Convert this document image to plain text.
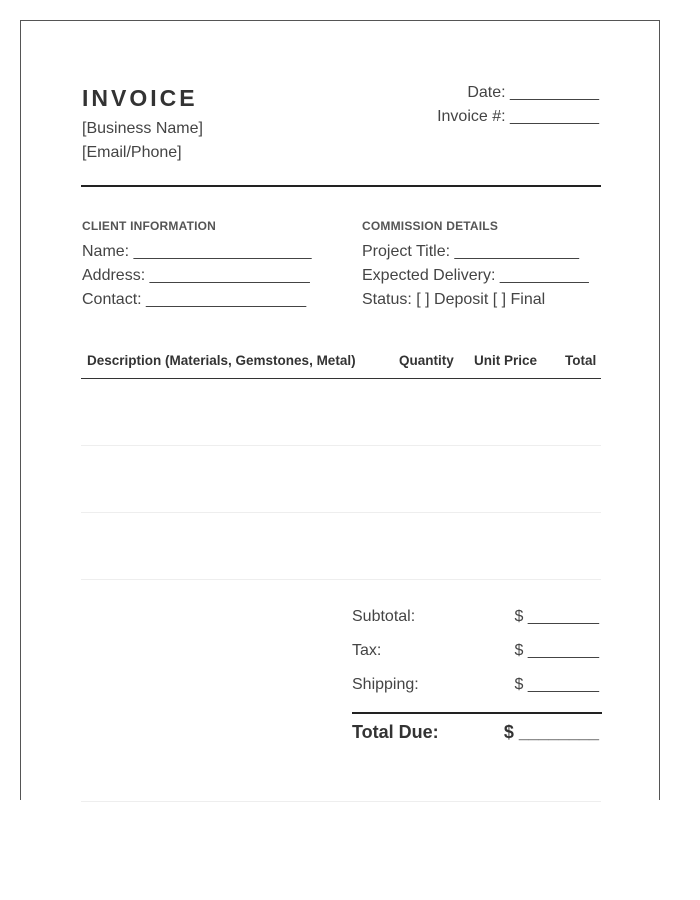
INVOICE
[Business Name]
[Email/Phone]
Date: __________
Invoice #: __________
CLIENT INFORMATION	COMMISSION DETAILS
Name: ____________________
Address: __________________
Contact: __________________
Project Title: ______________
Expected Delivery: __________
Status: [ ] Deposit [ ] Final
Description (Materials, Gemstones, Metal)	Quantity Unit Price Total
Subtotal:	$ ________
Tax:	$ ________
Shipping:	$ ________
Total Due:	$ ________
